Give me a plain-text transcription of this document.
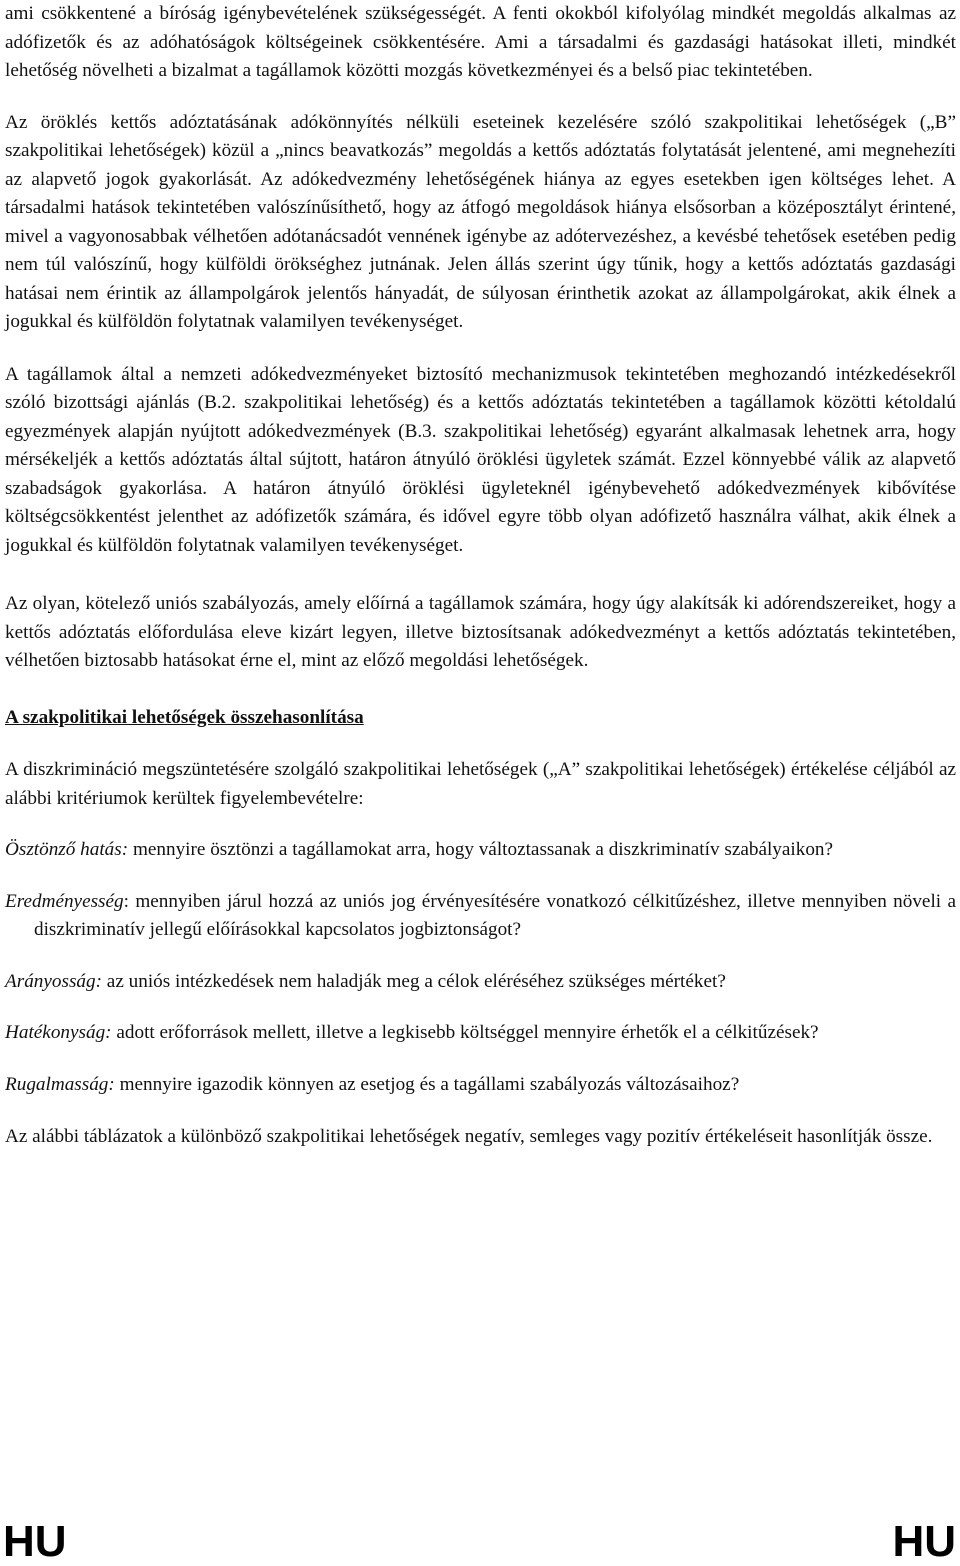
ami csökkentené a bíróság igénybevételének szükségességét. A fenti okokból kifolyólag mindkét megoldás alkalmas az adófizetők és az adóhatóságok költségeinek csökkentésére. Ami a társadalmi és gazdasági hatásokat illeti, mindkét lehetőség növelheti a bizalmat a tagállamok közötti mozgás következményei és a belső piac tekintetében.

Az öröklés kettős adóztatásának adókönnyítés nélküli eseteinek kezelésére szóló szakpolitikai lehetőségek („B” szakpolitikai lehetőségek) közül a „nincs beavatkozás” megoldás a kettős adóztatás folytatását jelentené, ami megnehezíti az alapvető jogok gyakorlását. Az adókedvezmény lehetőségének hiánya az egyes esetekben igen költséges lehet. A társadalmi hatások tekintetében valószínűsíthető, hogy az átfogó megoldások hiánya elsősorban a középosztályt érintené, mivel a vagyonosabbak vélhetően adótanácsadót vennének igénybe az adótervezéshez, a kevésbé tehetősek esetében pedig nem túl valószínű, hogy külföldi örökséghez jutnának. Jelen állás szerint úgy tűnik, hogy a kettős adóztatás gazdasági hatásai nem érintik az állampolgárok jelentős hányadát, de súlyosan érinthetik azokat az állampolgárokat, akik élnek a jogukkal és külföldön folytatnak valamilyen tevékenységet.

A tagállamok által a nemzeti adókedvezményeket biztosító mechanizmusok tekintetében meghozandó intézkedésekről szóló bizottsági ajánlás (B.2. szakpolitikai lehetőség) és a kettős adóztatás tekintetében a tagállamok közötti kétoldalú egyezmények alapján nyújtott adókedvezmények (B.3. szakpolitikai lehetőség) egyaránt alkalmasak lehetnek arra, hogy mérsékeljék a kettős adóztatás által sújtott, határon átnyúló öröklési ügyletek számát. Ezzel könnyebbé válik az alapvető szabadságok gyakorlása. A határon átnyúló öröklési ügyleteknél igénybevehető adókedvezmények kibővítése költségcsökkentést jelenthet az adófizetők számára, és idővel egyre több olyan adófizető használra válhat, akik élnek a jogukkal és külföldön folytatnak valamilyen tevékenységet.

Az olyan, kötelező uniós szabályozás, amely előírná a tagállamok számára, hogy úgy alakítsák ki adórendszereiket, hogy a kettős adóztatás előfordulása eleve kizárt legyen, illetve biztosítsanak adókedvezményt a kettős adóztatás tekintetében, vélhetően biztosabb hatásokat érne el, mint az előző megoldási lehetőségek.

A szakpolitikai lehetőségek összehasonlítása

A diszkrimináció megszüntetésére szolgáló szakpolitikai lehetőségek („A” szakpolitikai lehetőségek) értékelése céljából az alábbi kritériumok kerültek figyelembevételre:

Ösztönző hatás: mennyire ösztönzi a tagállamokat arra, hogy változtassanak a diszkriminatív szabályaikon?

Eredményesség: mennyiben járul hozzá az uniós jog érvényesítésére vonatkozó célkitűzéshez, illetve mennyiben növeli a diszkriminatív jellegű előírásokkal kapcsolatos jogbiztonságot?

Arányosság: az uniós intézkedések nem haladják meg a célok eléréséhez szükséges mértéket?

Hatékonyság: adott erőforrások mellett, illetve a legkisebb költséggel mennyire érhetők el a célkitűzések?

Rugalmasság: mennyire igazodik könnyen az esetjog és a tagállami szabályozás változásaihoz?

Az alábbi táblázatok a különböző szakpolitikai lehetőségek negatív, semleges vagy pozitív értékeléseit hasonlítják össze.

HU	HU
